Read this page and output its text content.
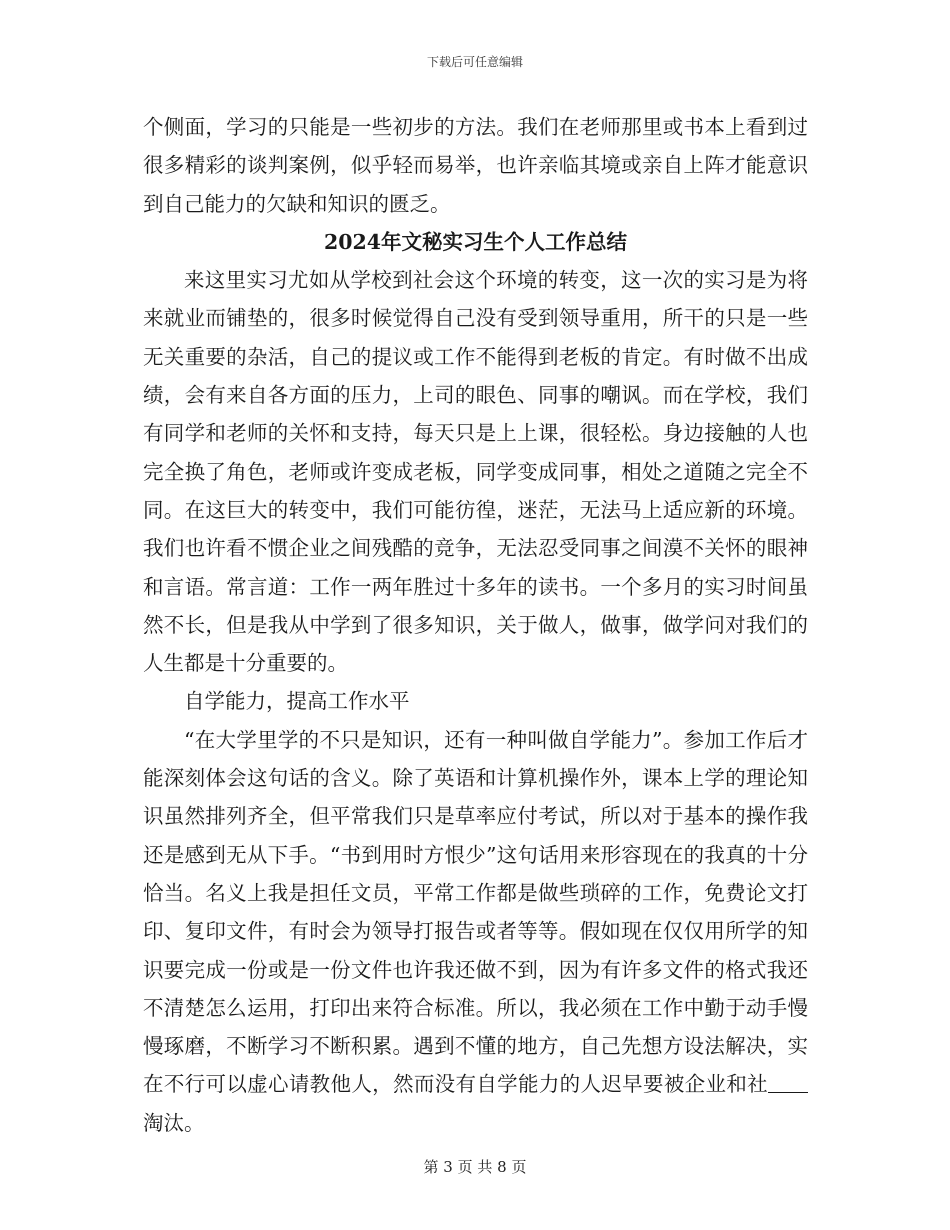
下载后可任意编辑

个侧面，学习的只能是一些初步的方法。我们在老师那里或书本上看到过很多精彩的谈判案例，似乎轻而易举，也许亲临其境或亲自上阵才能意识到自己能力的欠缺和知识的匮乏。

2024年文秘实习生个人工作总结

来这里实习尤如从学校到社会这个环境的转变，这一次的实习是为将来就业而铺垫的，很多时候觉得自己没有受到领导重用，所干的只是一些无关重要的杂活，自己的提议或工作不能得到老板的肯定。有时做不出成绩，会有来自各方面的压力，上司的眼色、同事的嘲讽。而在学校，我们有同学和老师的关怀和支持，每天只是上上课，很轻松。身边接触的人也完全换了角色，老师或许变成老板，同学变成同事，相处之道随之完全不同。在这巨大的转变中，我们可能彷徨，迷茫，无法马上适应新的环境。我们也许看不惯企业之间残酷的竞争，无法忍受同事之间漠不关怀的眼神和言语。常言道：工作一两年胜过十多年的读书。一个多月的实习时间虽然不长，但是我从中学到了很多知识，关于做人，做事，做学问对我们的人生都是十分重要的。

自学能力，提高工作水平

“在大学里学的不只是知识，还有一种叫做自学能力”。参加工作后才能深刻体会这句话的含义。除了英语和计算机操作外，课本上学的理论知识虽然排列齐全，但平常我们只是草率应付考试，所以对于基本的操作我还是感到无从下手。“书到用时方恨少”这句话用来形容现在的我真的十分恰当。名义上我是担任文员，平常工作都是做些琐碎的工作，免费论文打印、复印文件，有时会为领导打报告或者等等。假如现在仅仅用所学的知识要完成一份或是一份文件也许我还做不到，因为有许多文件的格式我还不清楚怎么运用，打印出来符合标准。所以，我必须在工作中勤于动手慢慢琢磨，不断学习不断积累。遇到不懂的地方，自己先想方设法解决，实在不行可以虚心请教他人，然而没有自学能力的人迟早要被企业和社淘汰。

第 3 页 共 8 页
